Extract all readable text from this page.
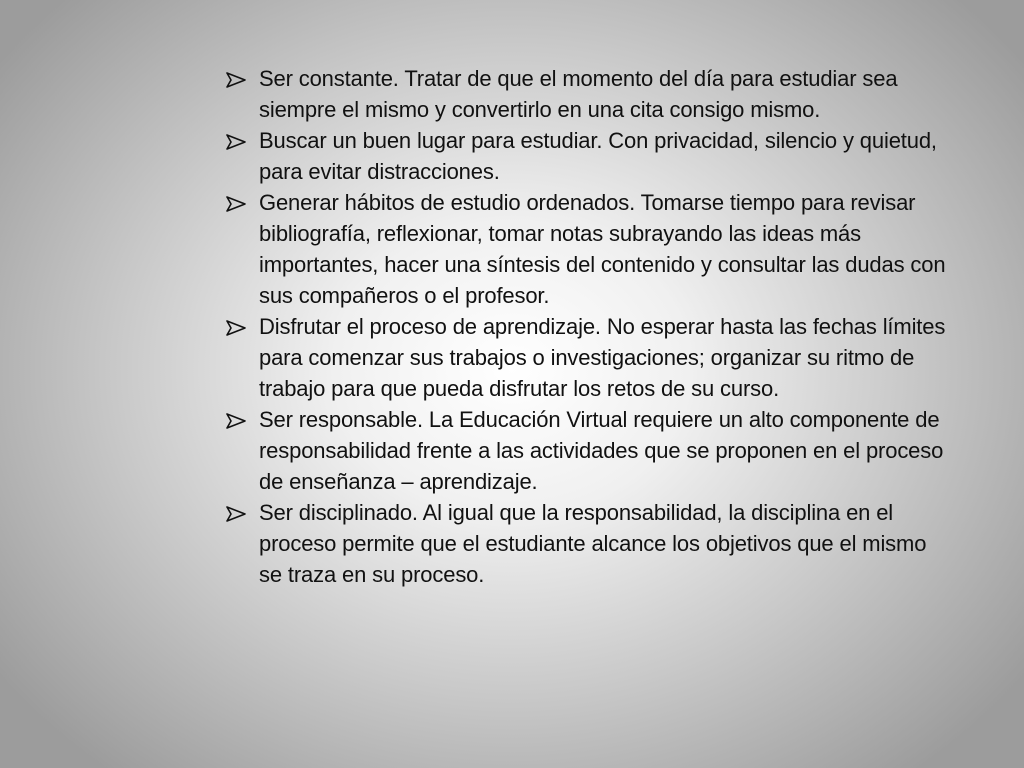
Ser constante. Tratar de que el momento del día para estudiar sea siempre el mismo y convertirlo en una cita consigo mismo.
Buscar un buen lugar para estudiar. Con privacidad, silencio y quietud, para evitar distracciones.
Generar hábitos de estudio ordenados. Tomarse tiempo para revisar bibliografía, reflexionar, tomar notas subrayando las ideas más importantes, hacer una síntesis del contenido y consultar las dudas con sus compañeros o el profesor.
Disfrutar el proceso de aprendizaje. No esperar hasta las fechas límites para comenzar sus trabajos o investigaciones; organizar su ritmo de trabajo para que pueda disfrutar los retos de su curso.
Ser responsable. La Educación Virtual requiere un alto componente de responsabilidad frente a las actividades que se proponen en el proceso de enseñanza – aprendizaje.
Ser disciplinado. Al igual que la responsabilidad, la disciplina en el proceso permite que el estudiante alcance los objetivos que el mismo se traza en su proceso.
